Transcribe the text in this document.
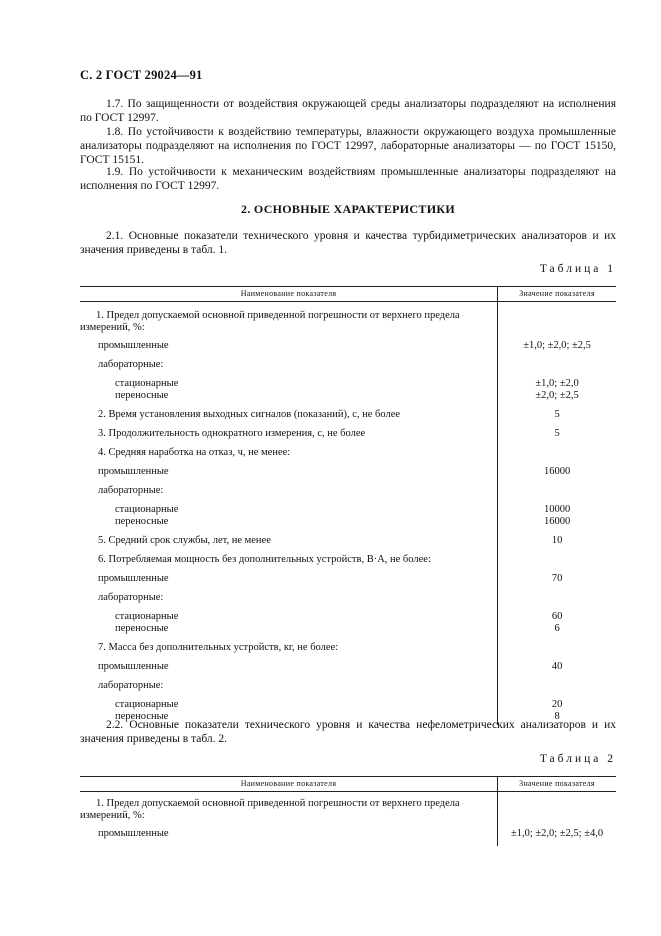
С. 2 ГОСТ 29024—91
1.7. По защищенности от воздействия окружающей среды анализаторы подразделяют на исполнения по ГОСТ 12997.
1.8. По устойчивости к воздействию температуры, влажности окружающего воздуха промышленные анализаторы подразделяют на исполнения по ГОСТ 12997, лабораторные анализаторы — по ГОСТ 15150, ГОСТ 15151.
1.9. По устойчивости к механическим воздействиям промышленные анализаторы подразделяют на исполнения по ГОСТ 12997.
2. ОСНОВНЫЕ ХАРАКТЕРИСТИКИ
2.1. Основные показатели технического уровня и качества турбидиметрических анализаторов и их значения приведены в табл. 1.
Таблица 1
Наименование показателя	Значение показателя
1. Предел допускаемой основной приведенной погрешности от верхнего предела измерений, %:	
промышленные	±1,0; ±2,0; ±2,5
лабораторные:	
стационарные	±1,0; ±2,0
переносные	±2,0; ±2,5
2. Время установления выходных сигналов (показаний), с, не более	5
3. Продолжительность однократного измерения, с, не более	5
4. Средняя наработка на отказ, ч, не менее:	
промышленные	16000
лабораторные:	
стационарные	10000
переносные	16000
5. Средний срок службы, лет, не менее	10
6. Потребляемая мощность без дополнительных устройств, В·А, не более:	
промышленные	70
лабораторные:	
стационарные	60
переносные	6
7. Масса без дополнительных устройств, кг, не более:	
промышленные	40
лабораторные:	
стационарные	20
переносные	8
2.2. Основные показатели технического уровня и качества нефелометрических анализаторов и их значения приведены в табл. 2.
Таблица 2
Наименование показателя	Значение показателя
1. Предел допускаемой основной приведенной погрешности от верхнего предела измерений, %:	
промышленные	±1,0; ±2,0; ±2,5; ±4,0
